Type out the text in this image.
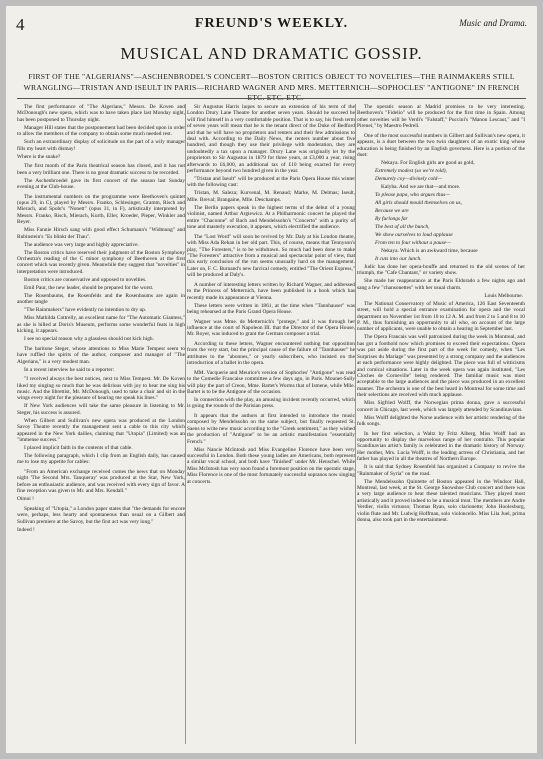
4	FREUND'S WEEKLY.	Music and Drama.
MUSICAL AND DRAMATIC GOSSIP.
FIRST OF THE "ALGERIANS"—ASCHENBRODEL'S CONCERT—BOSTON CRITICS OBJECT TO NOVELTIES—THE RAINMAKERS STILL WRANGLING—TRISTAN AND ISEULT IN PARIS—RICHARD WAGNER AND MRS. METTERNICH—SOPHOCLES' "ANTIGONE" IN FRENCH—ETC. ETC. ETC.

The first performance of "The Algerians," Messrs. De Koven and McDonough's new opera, which was to have taken place last Monday night, has been postponed to Thursday night.

Manager Hill states that the postponement had been decided upon in order to allow the members of the company to obtain some much needed rest.

Such an extraordinary display of solicitude on the part of a wily manager fills my heart with dismay!

Where is the snake?

The first month of the Paris theatrical season has closed, and it has not been a very brilliant one. There is no great dramatic success to be recorded.

The Aschenbroedel gave its first concert of the season last Sunday evening at the Club-house.

The instrumental numbers on the programme were Beethoven's quintet (opus 29, in C), played by Messrs. Franko, Schlesinger, Gramm, Risch and Mierach, and Spohr's "Nonett" (opus 31, in F), artistically interpreted by Messrs. Franko, Risch, Mierach, Kurth, Eller, Kroeder, Pieper, Winkler and Beyer.

Miss Fannie Hirsch sang with good effect Schumann's "Widmung" and Rubinstein's "Es blinkt der Thau".

The audience was very large and highly appreciative.

The Boston critics have reserved their judgment of the Boston Symphony Orchestra's reading of the C minor symphony of Beethoven at the first concert which was recently given. Meanwhile they suggest that "novelties" in interpretation were introduced.

Boston critics are conservative and opposed to novelties.

Emil Paur, the new leader, should be prepared for the worst.

The Rosenbaums, the Rosenfelds and the Rosenbaums are again in another tangle

"The Rainmakers" have evidently no intention to dry up.

Miss Mathilda Cottrelly, an excellent name for "The Automatic Giantess," as she is billed at Doris's Museum, performs some wonderful feats in high kicking, it appears.

I see no special reason why a glassless should not kick high.

The baritone Steger, whose attentions to Miss Marie Tempest seem to have ruffled the spirits of the author, composer and manager of "The Algerians," is a very modest man.

In a recent interview he said to a reporter:

"I received always the best notices, next to Miss Tempest. Mr. De Koven liked my singing so much that he was delirious with joy to hear me sing his music. And the librettist, Mr. McDonough, used to take a chair and sit in the wings every night for the pleasure of hearing me speak his lines."

If New York audiences will take the same pleasure in listening to Mr. Steger, his success is assured.

When Gilbert and Sullivan's new opera was produced at the London Savoy Theatre recently the management sent a cable to this city which appeared in the New York dailies, claiming that "Utopia" (Limited) was an "immense success."

I placed implicit faith in the contents of that cable.

The following paragraph, which I clip from an English daily, has caused me to lose my appetite for cables:

"From an American exchange received comes the news that on Monday night 'The Second Mrs. Tanqueray' was produced at the Star, New York, before an enthusiastic audience, and was received with every sign of favor. A fine reception was given to Mr. and Mrs. Kendall."

Oimoi !

Speaking of "Utopia," a London paper states that "the demands for encore were, perhaps, less hearty and spontaneous than usual on a Gilbert and Sullivan premiere at the Savoy, but the first act was very long."

Indeed !

Sir Augustus Harris hopes to secure an extension of his term of the London Drury Lane Theatre for another seven years. Should he succeed he will find himself in a very comfortable position. That is to say, his fresh term of seven years will mean that he is the tenant direct of the Duke of Bedford and that he will have no proprietors and renters and their few admissions to deal with. According to the Daily News, the renters number about five hundred, and though they use their privilege with moderation, they are undoubtedly a tax upon a manager. Drury Lane was originally let by the proprietors to Sir Augustus in 1879 for three years, at £3,000 a year, rising afterwards to £6,000, an additional tax of £10 being exacted for every performance beyond two hundred given in the year.

"Tristan and Iseult" will be produced at the Paris Opera House this winter with the following cast:

Tristan, M. Saleza; Kurvenal, M. Renaud; Marke, M. Delmas; Iseult, Mlle. Breval; Brangaine, Mlle. Deschamps.

The Berlin papers speak in the highest terms of the debut of a young violinist, named Arthur Argiewicz. At a Philharmonic concert he played the entire "Chaconne" of Bach and Mendelssohn's "Concerto" with a purity of tone and masterly execution, it appears, which electrified the audience.

The "Lost Word" will soon be revived by Mr. Daly at his London theatre, with Miss Ada Rehan in her old part. This, of course, means that Tennyson's play, "The Foresters," is to be withdrawn. So much had been done to make "The Foresters" attractive from a musical and spectacular point of view, that this early conclusion of the run seems unusually hard on the management. Later on, F. C. Burnand's new farcical comedy, entitled "The Orient Express," will be produced at Daly's.

A number of interesting letters written by Richard Wagner, and addressed to the Princess of Metternich, have been published in a book which has recently made its appearance at Vienna.

These letters were written in 1861, at the time when "Tannhauser" was being rehearsed at the Paris Grand Opera House.

Wagner was Mme. de Metternich's "protege," and it was through her influence at the court of Napoleon III. that the Director of the Opera House, Mr. Royer, was induced to grant the German composer a trial.

According to these letters, Wagner encountered nothing but opposition from the very start, but the principal cause of the failure of "Tannhauser" he attributes to the "abonnes," or yearly subscribers, who insisted on the introduction of a ballet in the opera.

MM. Vacquerie and Meurice's version of Sophocles' "Antigone" was read to the Comedie Francaise committee a few days ago, in Paris. Mounet-Sully will play the part of Creon, Mme. Bartet's Worms that of Ismene, while Mlle. Bartet is to be the Antigone of the occasion.

In connection with the play, an amusing incident recently occurred, which is going the rounds of the Parisian press.

It appears that the authors at first intended to introduce the music composed by Mendelssohn on the same subject, but finally requested St. Saens to write new music according to the "Greek sentiment," as they wished the production of "Antigone" to be an artistic manifestation "essentially French."

Miss Nancie McIntosh and Miss Evangeline Florence have been very successful in London. Both these young ladies are Americans, both represent a similar vocal school, and both have "finished" under Mr. Henschel. While Miss McIntosh has very soon found a foremost position on the operatic stage, Miss Florence is one of the most fortunately successful sopranos now singing at concerts.

The operatic season at Madrid promises to be very interesting. Beethoven's "Fidelio" will be produced for the first time in Spain. Among other novelties will be Verdi's "Falstaff," Puccini's "Manon Lescaut," and "I Pirenei," by Maestro Pedrell.

One of the most successful numbers in Gilbert and Sullivan's new opera, it appears, is a duet between the two twin daughters of an exotic king whose education is being finished by an English governess. Here is a portion of the duet:

Nekaya. For English girls are good as gold,

Extremely modest (so we're told),

Demurely coy—divinely cold—

Kalyba. And we are that—and more.

To please papa, who argues thus—

All girls should mould themselves on us,

Because we are

By furlongs far

The best of all the bunch,

We show ourselves to loud applause

From ten to four without a pause—

Nekaya. Which is an awkward time, because

It cuts into our lunch.

Judic has done her opera-bouffe and returned to the old scenes of her triumph, the "Cafe Chantant," or variety show.

She made her reappearance at the Paris Eldorado a few nights ago and sang a few "chansonettes" with her usual charm.

Louis Melbourne.

The National Conservatory of Music of America, 126 East Seventeenth street, will hold a special entrance examination for opera and the vocal department on November 1st from 10 to 12 A. M. and from 2 to 5 and 8 to 10 P. M., thus furnishing an opportunity to all who, on account of the large number of applicants, were unable to obtain a hearing in September last.

The Opera Francais was well patronized during the week in Montreal, and has got a foothold now which promises to exceed their expectations. Opera was put aside during the first part of the week for comedy, when "Les Surprises du Mariage" was presented by a strong company and the audiences at each performance were highly delighted. The piece was full of witticisms and comical situations. Later in the week opera was again instituted, "Les Cloches de Corneville" being rendered. The familiar music was most acceptable to the large audiences and the piece was produced in an excellent manner. The orchestra is one of the best heard in Montreal for some time and their selections are received with much applause.

Miss Sigfried Wolff, the Norwegian prima donna, gave a successful concert in Chicago, last week, which was largely attended by Scandinavians.

Miss Wolff delighted the Norse audience with her artistic rendering of the folk songs.

In her first selection, a Waltz by Fritz Alberg, Miss Wolff had an opportunity to display the marvelous range of her contralto. This popular Scandinavian artist's family is celebrated in the dramatic history of Norway. Her mother, Mrs. Lucia Wolff, is the leading actress of Christiania, and her father has played in all the theatres of Northern Europe.

It is said that Sydney Rosenfeld has organized a Company to revive the "Rainmaker of Syria" on the road.

The Mendelssohn Quintette of Boston appeared in the Windsor Hall, Montreal, last week, at the St. George Snowshoe Club concert and there was a very large audience to hear these talented musicians. They played most artistically and it proved indeed to be a musical treat. The members are Andre Verdier, violin virtuoso; Thomas Ryan, solo clarionette; John Hoolesburg, violin flute and Mr. Ludwig Hoffman, solo violoncello. Miss Lila Juel, prima donna, also took part in the entertainment.
